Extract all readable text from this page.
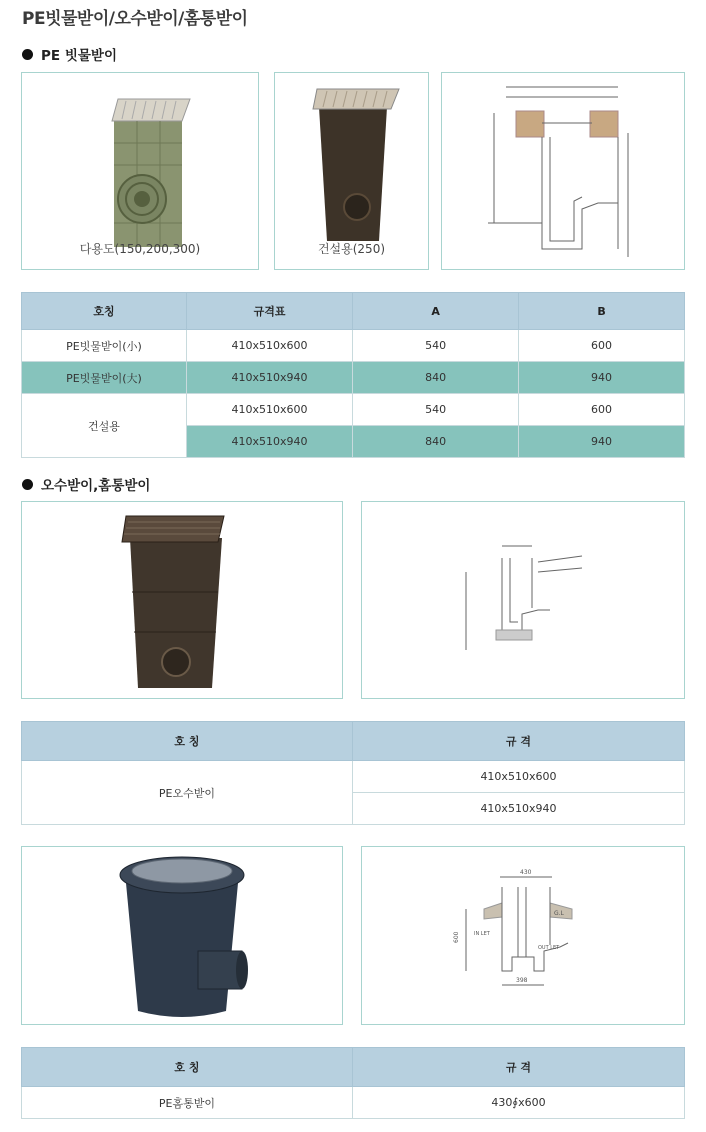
PE빗물받이/오수받이/홈통받이
PE 빗물받이
다용도(150,200,300)	건설용(250)
호칭	규격표	A	B
PE빗물받이(小)	410x510x600	540	600
PE빗물받이(大)	410x510x940	840	940
건설용	410x510x600	540	600
	410x510x940	840	940
오수받이,홈통받이
호 칭	규 격
PE오수받이	410x510x600
	410x510x940
430
G.L
600	IN LET
OUT LET
398
호 칭	규 격
PE홈통받이	430∮x600
